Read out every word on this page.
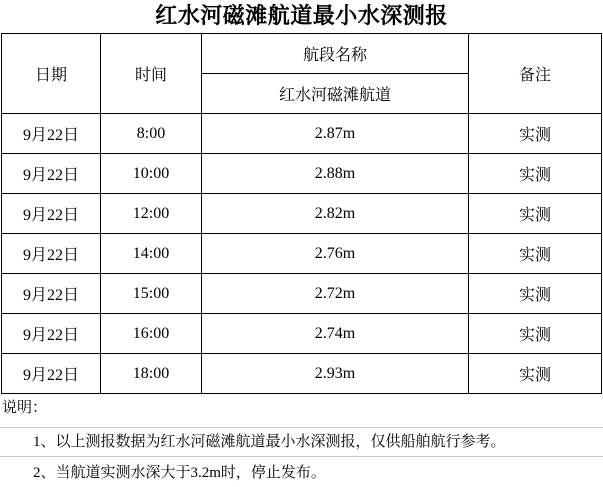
红水河磁滩航道最小水深测报
日期	时间	航段名称	备注
		红水河磁滩航道	
9月22日	8:00	2.87m	实测
9月22日	10:00	2.88m	实测
9月22日	12:00	2.82m	实测
9月22日	14:00	2.76m	实测
9月22日	15:00	2.72m	实测
9月22日	16:00	2.74m	实测
9月22日	18:00	2.93m	实测
说明：
1、以上测报数据为红水河磁滩航道最小水深测报，仅供船舶航行参考。
2、当航道实测水深大于3.2m时，停止发布。
